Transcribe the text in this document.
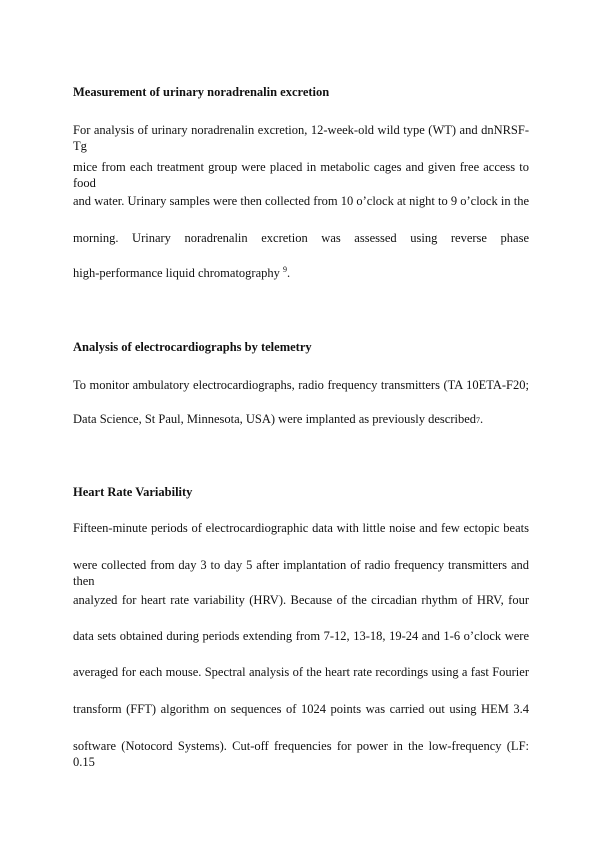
Measurement of urinary noradrenalin excretion
For analysis of urinary noradrenalin excretion, 12-week-old wild type (WT) and dnNRSF-Tg
mice from each treatment group were placed in metabolic cages and given free access to food
and water. Urinary samples were then collected from 10 o’clock at night to 9 o’clock in the
morning. Urinary noradrenalin excretion was assessed using reverse phase
high-performance liquid chromatography $^9$.
Analysis of electrocardiographs by telemetry
To monitor ambulatory electrocardiographs, radio frequency transmitters (TA 10ETA-F20;
Data Science, St Paul, Minnesota, USA) were implanted as previously described7.
Heart Rate Variability
Fifteen-minute periods of electrocardiographic data with little noise and few ectopic beats
were collected from day 3 to day 5 after implantation of radio frequency transmitters and then
analyzed for heart rate variability (HRV). Because of the circadian rhythm of HRV, four
data sets obtained during periods extending from 7-12, 13-18, 19-24 and 1-6 o’clock were
averaged for each mouse. Spectral analysis of the heart rate recordings using a fast Fourier
transform (FFT) algorithm on sequences of 1024 points was carried out using HEM 3.4
software (Notocord Systems). Cut-off frequencies for power in the low-frequency (LF: 0.15
